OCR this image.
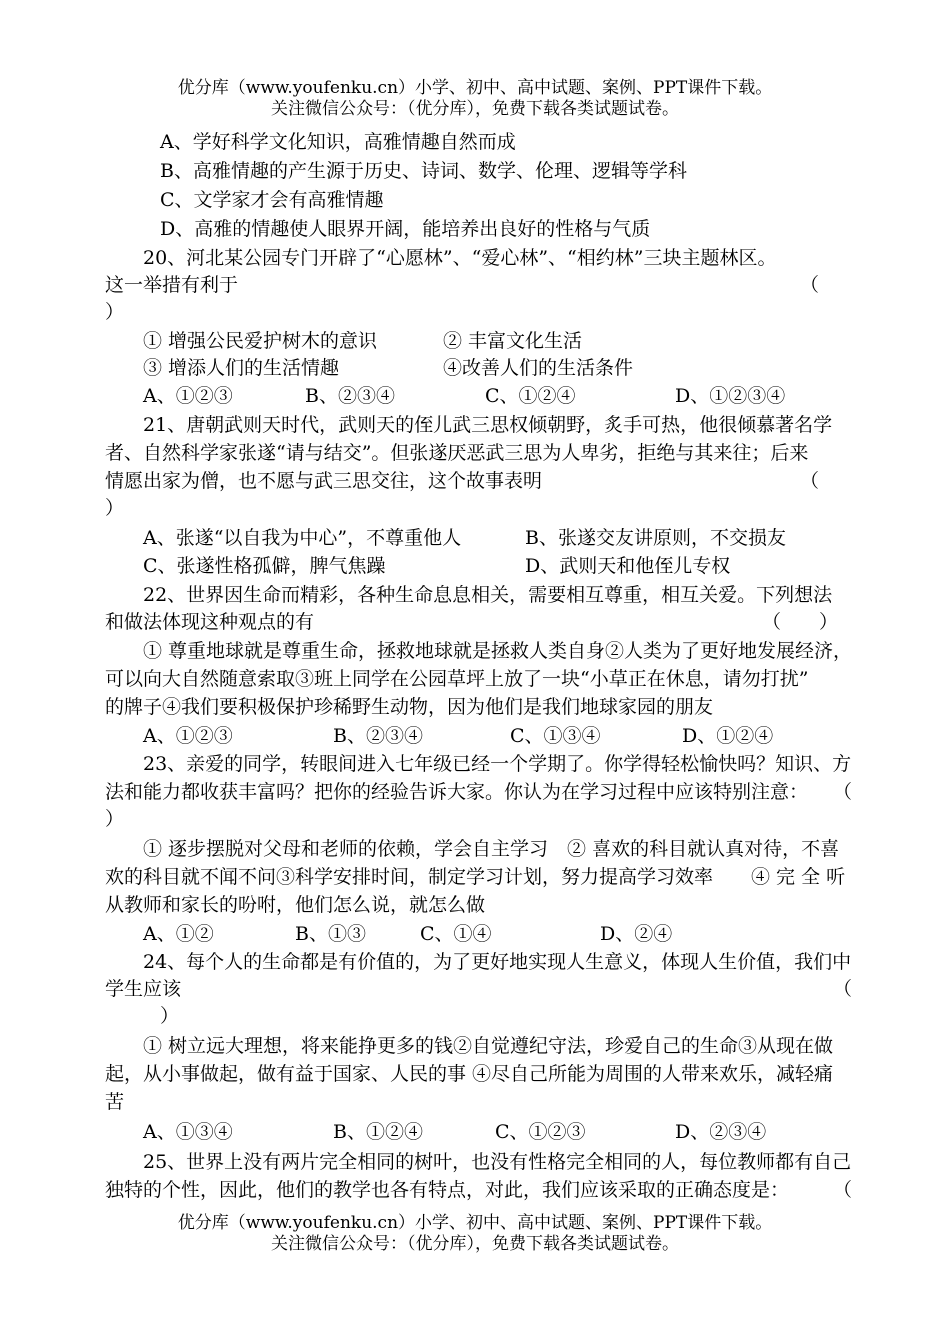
优分库（www.youfenku.cn）小学、初中、高中试题、案例、PPT课件下载。
关注微信公众号：（优分库），免费下载各类试题试卷。
A、学好科学文化知识，高雅情趣自然而成
B、高雅情趣的产生源于历史、诗词、数学、伦理、逻辑等学科
C、文学家才会有高雅情趣
D、高雅的情趣使人眼界开阔，能培养出良好的性格与气质
20、河北某公园专门开辟了“心愿林”、“爱心林”、“相约林”三块主题林区。
这一举措有利于	（
）
① 增强公民爱护树木的意识	② 丰富文化生活
③ 增添人们的生活情趣	④改善人们的生活条件
A、①②③	B、②③④	C、①②④	D、①②③④
21、唐朝武则天时代，武则天的侄儿武三思权倾朝野，炙手可热，他很倾慕著名学
者、自然科学家张遂“请与结交”。但张遂厌恶武三思为人卑劣，拒绝与其来往；后来
情愿出家为僧，也不愿与武三思交往，这个故事表明	（
）
A、张遂“以自我为中心”，不尊重他人	B、张遂交友讲原则，不交损友
C、张遂性格孤僻，脾气焦躁	D、武则天和他侄儿专权
22、世界因生命而精彩，各种生命息息相关，需要相互尊重，相互关爱。下列想法
和做法体现这种观点的有	（　　）
① 尊重地球就是尊重生命，拯救地球就是拯救人类自身②人类为了更好地发展经济，
可以向大自然随意索取③班上同学在公园草坪上放了一块“小草正在休息，请勿打扰”
的牌子④我们要积极保护珍稀野生动物，因为他们是我们地球家园的朋友
A、①②③	B、②③④	C、①③④	D、①②④
23、亲爱的同学，转眼间进入七年级已经一个学期了。你学得轻松愉快吗？知识、方
法和能力都收获丰富吗？把你的经验告诉大家。你认为在学习过程中应该特别注意： （
）
① 逐步摆脱对父母和老师的依赖，学会自主学习　② 喜欢的科目就认真对待，不喜
欢的科目就不闻不问③科学安排时间，制定学习计划，努力提高学习效率　　④ 完 全 听
从教师和家长的吩咐，他们怎么说，就怎么做
A、①②	B、①③	C、①④	D、②④
24、每个人的生命都是有价值的，为了更好地实现人生意义，体现人生价值，我们中
学生应该	（
）
① 树立远大理想，将来能挣更多的钱②自觉遵纪守法，珍爱自己的生命③从现在做
起，从小事做起，做有益于国家、人民的事 ④尽自己所能为周围的人带来欢乐，减轻痛
苦
A、①③④	B、①②④	C、①②③	D、②③④
25、世界上没有两片完全相同的树叶，也没有性格完全相同的人，每位教师都有自己
独特的个性，因此，他们的教学也各有特点，对此，我们应该采取的正确态度是： （
优分库（www.youfenku.cn）小学、初中、高中试题、案例、PPT课件下载。
关注微信公众号：（优分库），免费下载各类试题试卷。
